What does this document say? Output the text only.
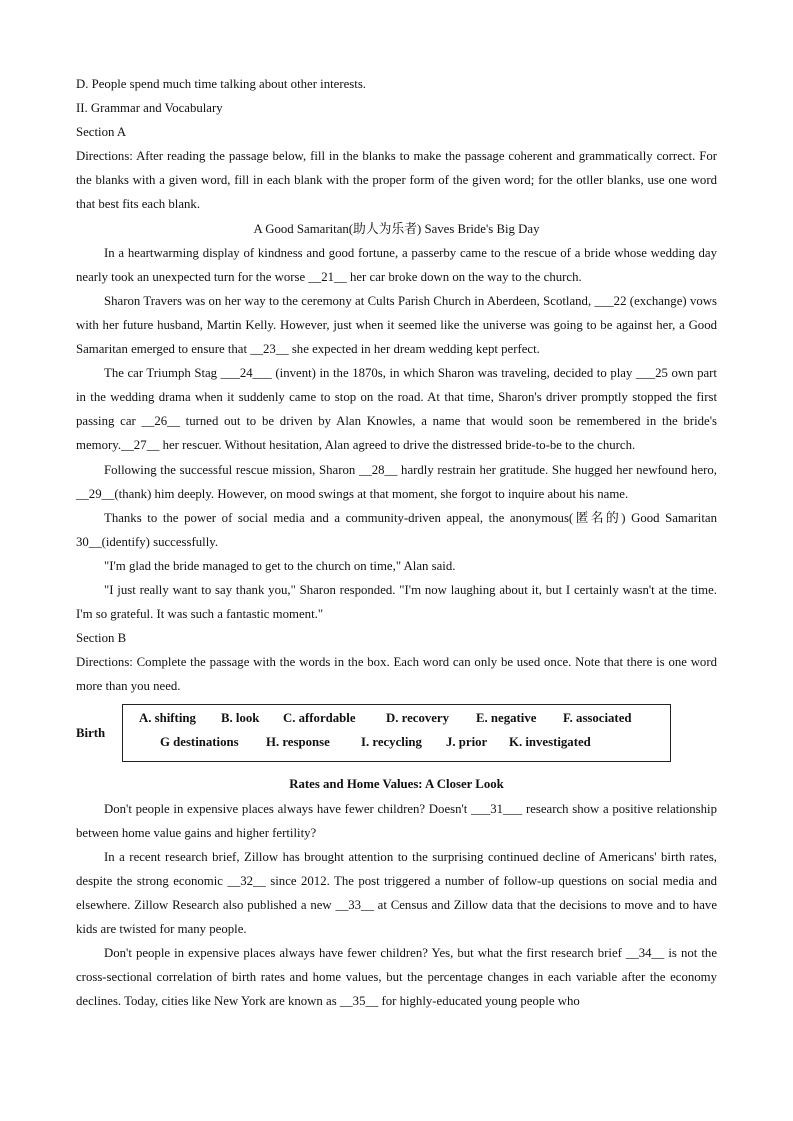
D. People spend much time talking about other interests.

II. Grammar and Vocabulary

Section A

Directions: After reading the passage below, fill in the blanks to make the passage coherent and grammatically correct. For the blanks with a given word, fill in each blank with the proper form of the given word; for the otller blanks, use one word that best fits each blank.

A Good Samaritan(助人为乐者) Saves Bride's Big Day

In a heartwarming display of kindness and good fortune, a passerby came to the rescue of a bride whose wedding day nearly took an unexpected turn for the worse __21__ her car broke down on the way to the church.

Sharon Travers was on her way to the ceremony at Cults Parish Church in Aberdeen, Scotland, ___22 (exchange) vows with her future husband, Martin Kelly. However, just when it seemed like the universe was going to be against her, a Good Samaritan emerged to ensure that __23__ she expected in her dream wedding kept perfect.

The car Triumph Stag ___24___ (invent) in the 1870s, in which Sharon was traveling, decided to play ___25 own part in the wedding drama when it suddenly came to stop on the road. At that time, Sharon's driver promptly stopped the first passing car __26__ turned out to be driven by Alan Knowles, a name that would soon be remembered in the bride's memory.__27__ her rescuer. Without hesitation, Alan agreed to drive the distressed bride-to-be to the church.

Following the successful rescue mission, Sharon __28__ hardly restrain her gratitude. She hugged her newfound hero, __29__(thank) him deeply. However, on mood swings at that moment, she forgot to inquire about his name.

Thanks to the power of social media and a community-driven appeal, the anonymous(匿名的) Good Samaritan 30__(identify) successfully.

"I'm glad the bride managed to get to the church on time," Alan said.

"I just really want to say thank you," Sharon responded. "I'm now laughing about it, but I certainly wasn't at the time. I'm so grateful. It was such a fantastic moment."

Section B

Directions: Complete the passage with the words in the box. Each word can only be used once. Note that there is one word more than you need.

Birth
A. shifting B. look C. affordable D. recovery E. negative F. associated
G destinations H. response I. recycling J. prior K. investigated

Rates and Home Values: A Closer Look

Don't people in expensive places always have fewer children? Doesn't ___31___ research show a positive relationship between home value gains and higher fertility?

In a recent research brief, Zillow has brought attention to the surprising continued decline of Americans' birth rates, despite the strong economic __32__ since 2012. The post triggered a number of follow-up questions on social media and elsewhere. Zillow Research also published a new __33__ at Census and Zillow data that the decisions to move and to have kids are twisted for many people.

Don't people in expensive places always have fewer children? Yes, but what the first research brief __34__ is not the cross-sectional correlation of birth rates and home values, but the percentage changes in each variable after the economy declines. Today, cities like New York are known as __35__ for highly-educated young people who
